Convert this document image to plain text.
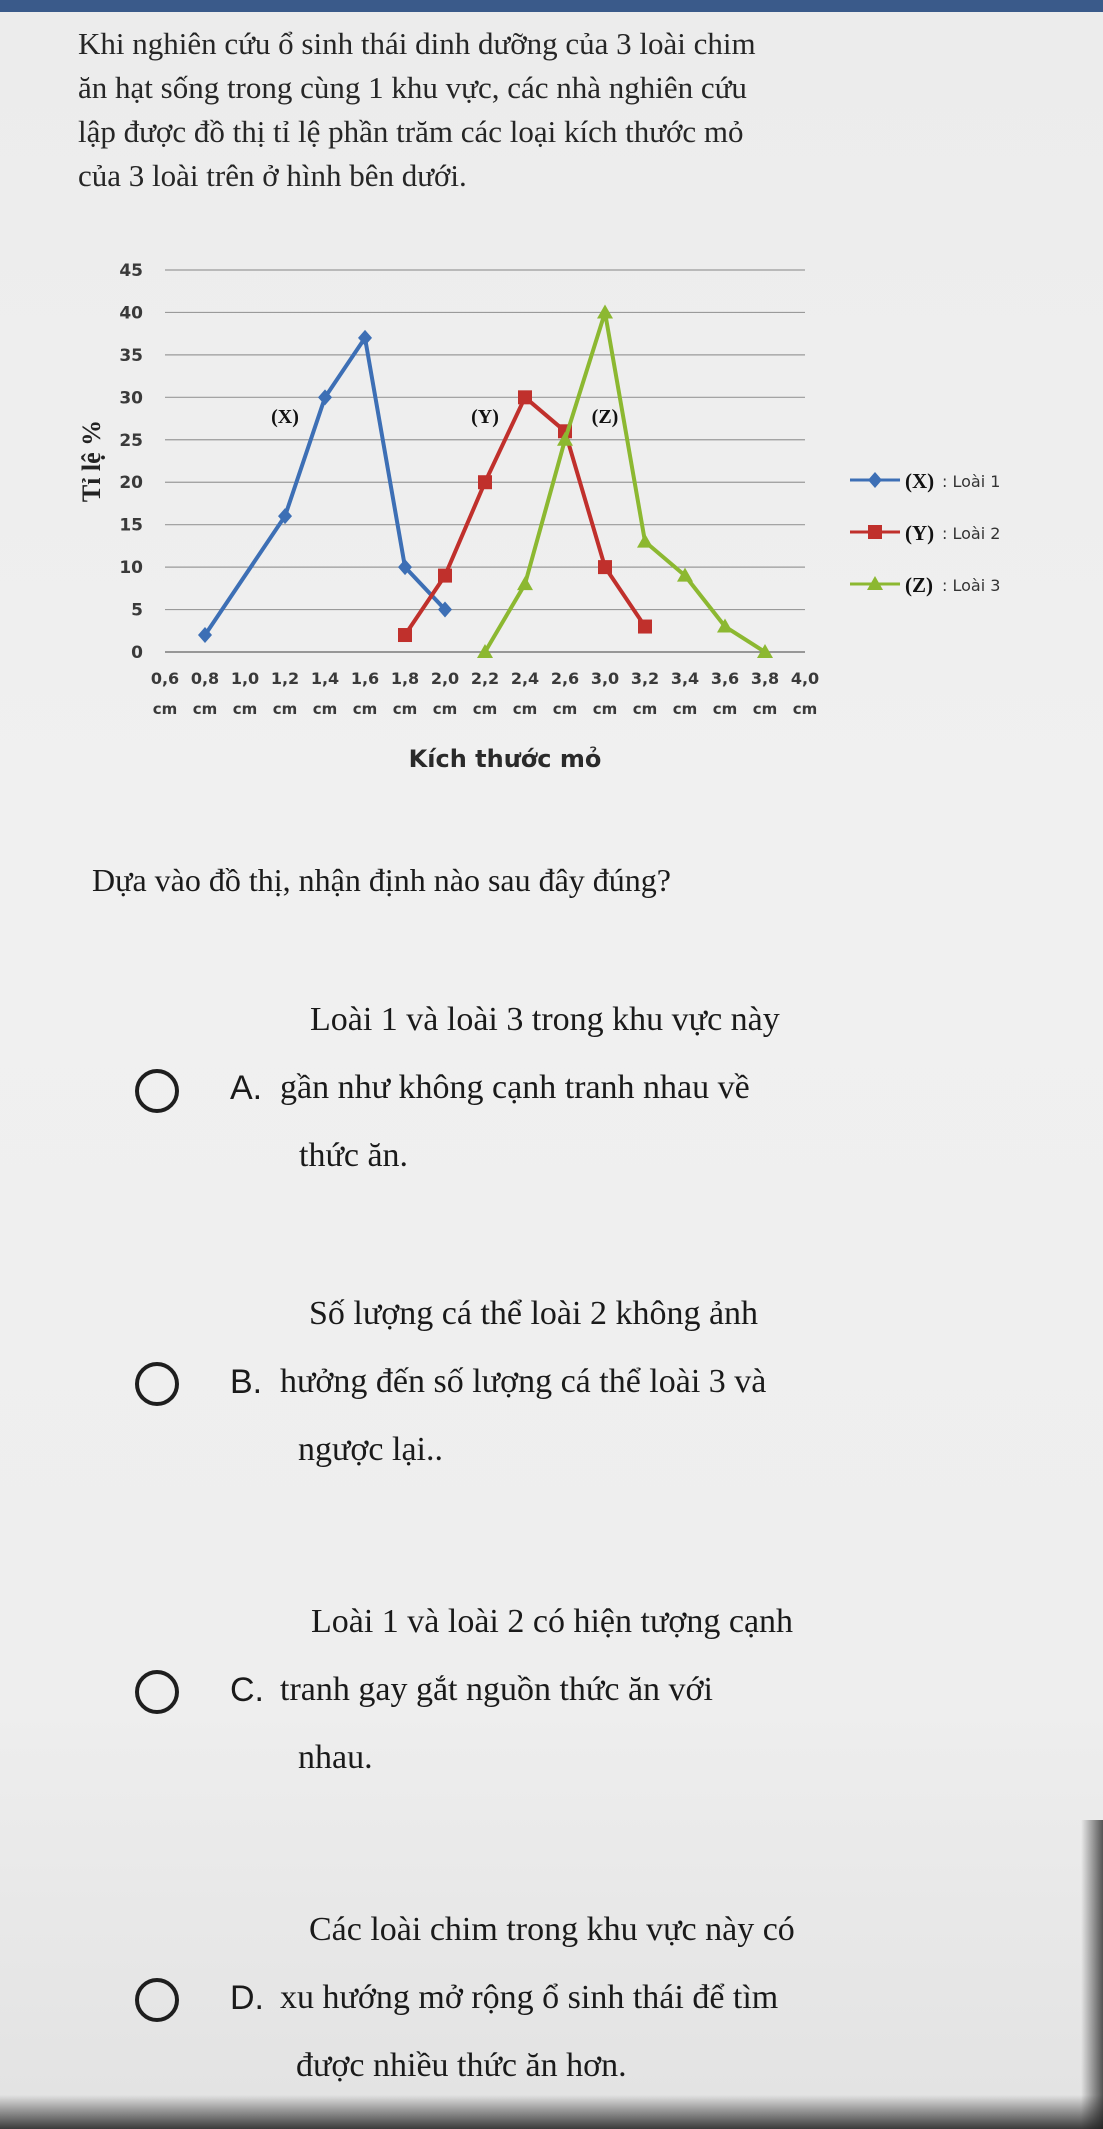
Khi nghiên cứu ổ sinh thái dinh dưỡng của 3 loài chim
ăn hạt sống trong cùng 1 khu vực, các nhà nghiên cứu
lập được đồ thị tỉ lệ phần trăm các loại kích thước mỏ
của 3 loài trên ở hình bên dưới.
0
5
10
15
20
25
30
35
40
45
Tỉ lệ %
0,6
cm
0,8
cm
1,0
cm
1,2
cm
1,4
cm
1,6
cm
1,8
cm
2,0
cm
2,2
cm
2,4
cm
2,6
cm
3,0
cm
3,2
cm
3,4
cm
3,6
cm
3,8
cm
4,0
cm
Kích thước mỏ
(X)	(Y)	(Z)
(X) : Loài 1
(Y) : Loài 2
(Z) : Loài 3
Dựa vào đồ thị, nhận định nào sau đây đúng?
Loài 1 và loài 3 trong khu vực này
A. gần như không cạnh tranh nhau về
thức ăn.
Số lượng cá thể loài 2 không ảnh
B. hưởng đến số lượng cá thể loài 3 và
ngược lại..
Loài 1 và loài 2 có hiện tượng cạnh
C. tranh gay gắt nguồn thức ăn với
nhau.
Các loài chim trong khu vực này có
D. xu hướng mở rộng ổ sinh thái để tìm
được nhiều thức ăn hơn.
